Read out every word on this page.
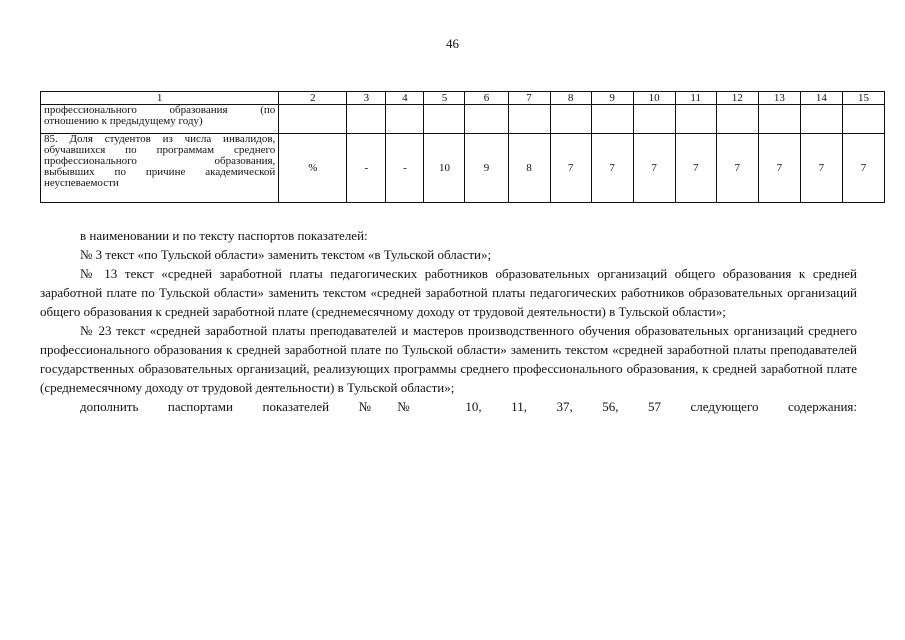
46
1	2	3	4	5	6	7	8	9	10	11	12	13	14	15

профессионального образования (по
отношению к предыдущему году)														

85. Доля студентов из числа инвалидов,
обучавшихся по программам среднего
профессионального образования,
выбывших по причине академической
неуспеваемости	%	-	-	10	9	8	7	7	7	7	7	7	7	7

в наименовании и по тексту паспортов показателей:

№ 3 текст «по Тульской области» заменить текстом «в Тульской области»;

№ 13 текст «средней заработной платы педагогических работников образовательных организаций общего образования к средней заработной плате по Тульской области» заменить текстом «средней заработной платы педагогических работников образовательных организаций общего образования к средней заработной плате (среднемесячному доходу от трудовой деятельности) в Тульской области»;

№ 23 текст «средней заработной платы преподавателей и мастеров производственного обучения образовательных организаций среднего профессионального образования к средней заработной плате по Тульской области» заменить текстом «средней заработной платы преподавателей государственных образовательных организаций, реализующих программы среднего профессионального образования, к средней заработной плате (среднемесячному доходу от трудовой деятельности) в Тульской области»;

дополнить паспортами показателей №№ 10, 11, 37, 56, 57 следующего содержания:
